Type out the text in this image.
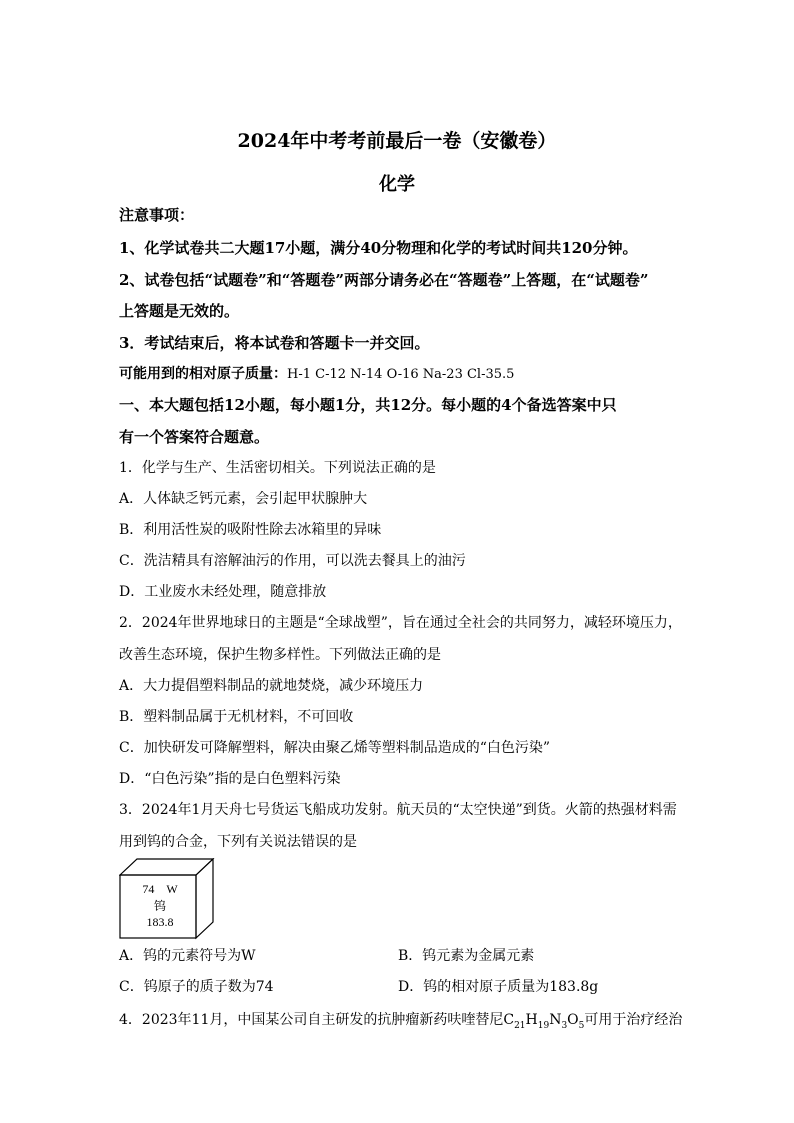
2024年中考考前最后一卷（安徽卷）
化学

注意事项：

1、化学试卷共二大题17小题，满分40分物理和化学的考试时间共120分钟。

2、试卷包括“试题卷”和“答题卷”两部分请务必在“答题卷”上答题，在“试题卷”

上答题是无效的。

3．考试结束后，将本试卷和答题卡一并交回。

可能用到的相对原子质量：H-1 C-12 N-14 O-16 Na-23 Cl-35.5

一、本大题包括12小题，每小题1分，共12分。每小题的4个备选答案中只

有一个答案符合题意。

1．化学与生产、生活密切相关。下列说法正确的是

A．人体缺乏钙元素，会引起甲状腺肿大

B．利用活性炭的吸附性除去冰箱里的异味

C．洗洁精具有溶解油污的作用，可以洗去餐具上的油污

D．工业废水未经处理，随意排放

2．2024年世界地球日的主题是“全球战塑”，旨在通过全社会的共同努力，减轻环境压力，

改善生态环境，保护生物多样性。下列做法正确的是

A．大力提倡塑料制品的就地焚烧，减少环境压力

B．塑料制品属于无机材料，不可回收

C．加快研发可降解塑料，解决由聚乙烯等塑料制品造成的“白色污染”

D．“白色污染”指的是白色塑料污染

3．2024年1月天舟七号货运飞船成功发射。航天员的“太空快递”到货。火箭的热强材料需

用到钨的合金，下列有关说法错误的是

74 W
钨
183.8

A．钨的元素符号为W	B．钨元素为金属元素

C．钨原子的质子数为74	D．钨的相对原子质量为183.8g

4．2023年11月，中国某公司自主研发的抗肿瘤新药呋喹替尼$C_{21}H_{19}N_3O_5$可用于治疗经治
